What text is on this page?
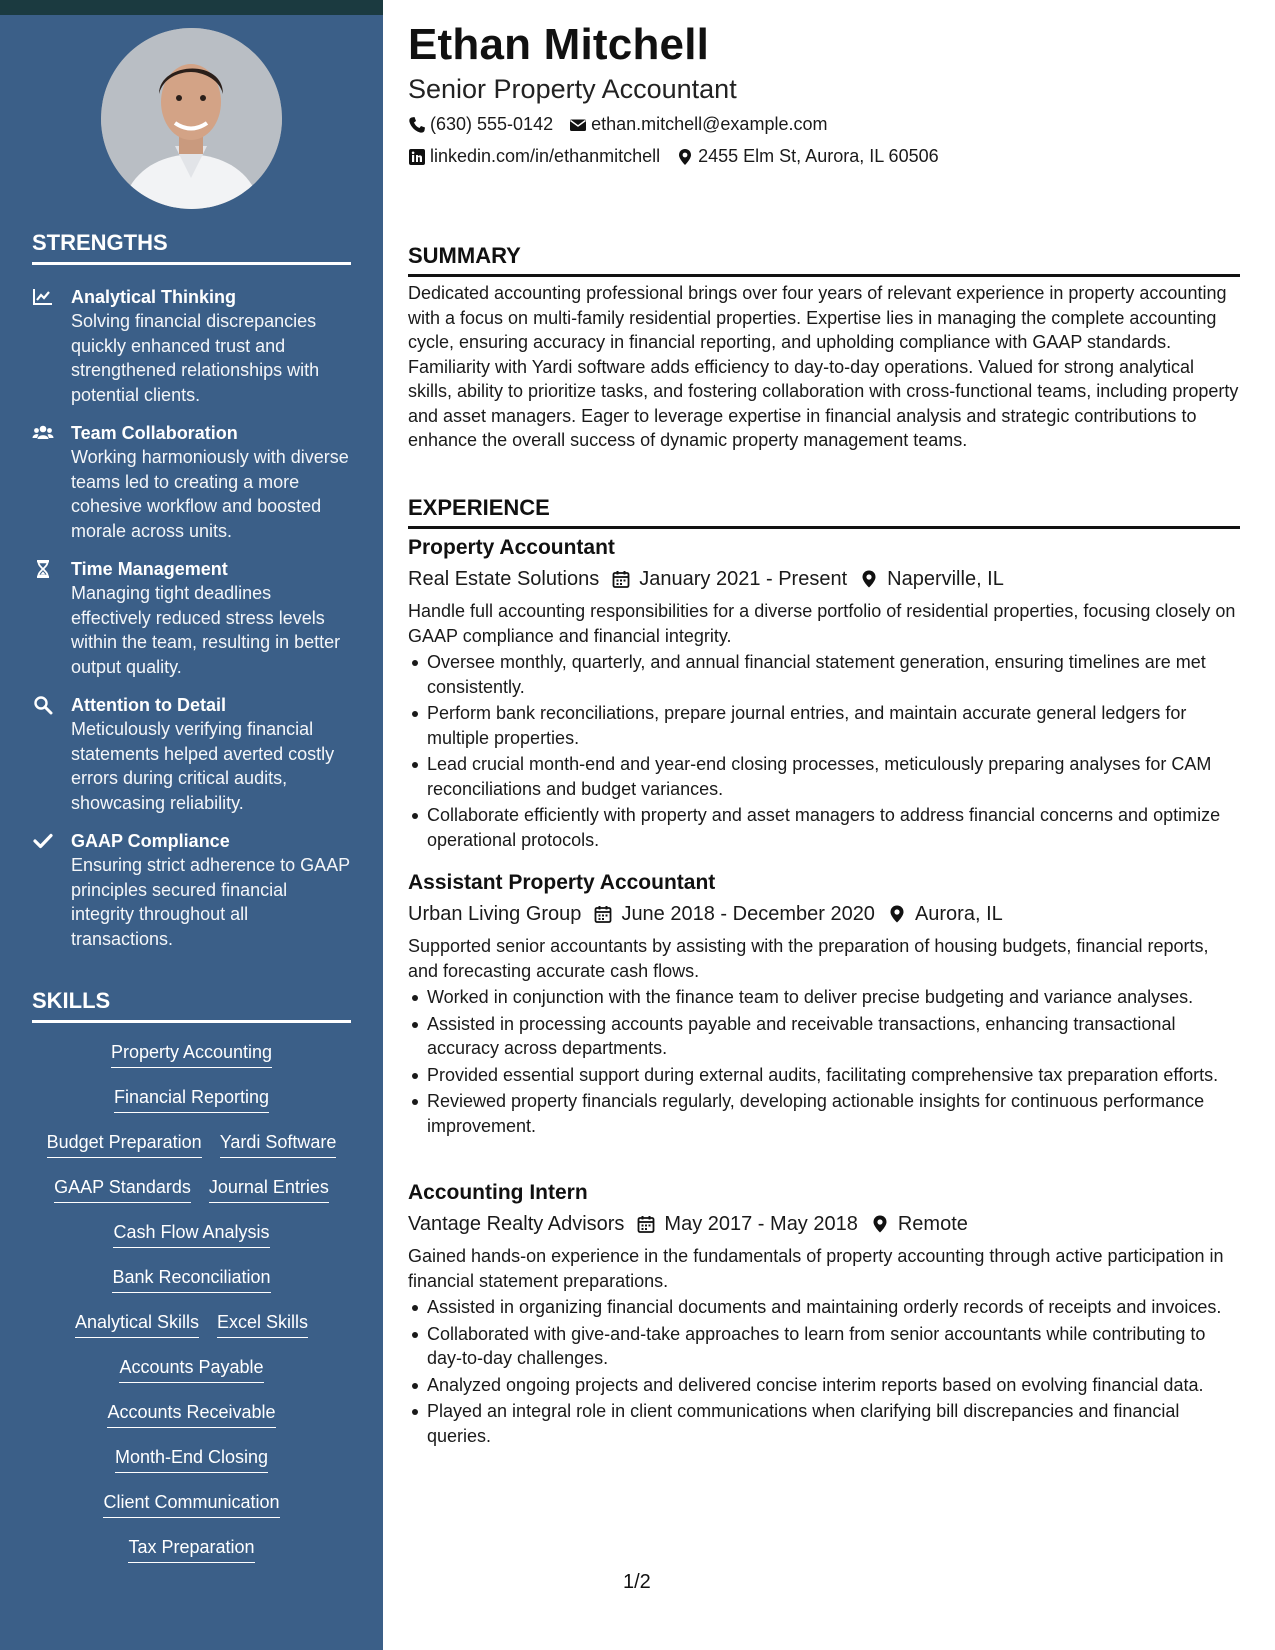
STRENGTHS
Analytical Thinking
Solving financial discrepancies quickly enhanced trust and strengthened relationships with potential clients.
Team Collaboration
Working harmoniously with diverse teams led to creating a more cohesive workflow and boosted morale across units.
Time Management
Managing tight deadlines effectively reduced stress levels within the team, resulting in better output quality.
Attention to Detail
Meticulously verifying financial statements helped averted costly errors during critical audits, showcasing reliability.
GAAP Compliance
Ensuring strict adherence to GAAP principles secured financial integrity throughout all transactions.
SKILLS
Property Accounting
Financial Reporting
Budget Preparation Yardi Software
GAAP Standards Journal Entries
Cash Flow Analysis
Bank Reconciliation
Analytical Skills Excel Skills
Accounts Payable
Accounts Receivable
Month-End Closing
Client Communication
Tax Preparation
Ethan Mitchell
Senior Property Accountant
(630) 555-0142 ethan.mitchell@example.com
linkedin.com/in/ethanmitchell 2455 Elm St, Aurora, IL 60506
SUMMARY

Dedicated accounting professional brings over four years of relevant experience in property accounting with a focus on multi-family residential properties. Expertise lies in managing the complete accounting cycle, ensuring accuracy in financial reporting, and upholding compliance with GAAP standards. Familiarity with Yardi software adds efficiency to day-to-day operations. Valued for strong analytical skills, ability to prioritize tasks, and fostering collaboration with cross-functional teams, including property and asset managers. Eager to leverage expertise in financial analysis and strategic contributions to enhance the overall success of dynamic property management teams.

EXPERIENCE
Property Accountant
Real Estate Solutions January 2021 - Present Naperville, IL

Handle full accounting responsibilities for a diverse portfolio of residential properties, focusing closely on GAAP compliance and financial integrity.

Oversee monthly, quarterly, and annual financial statement generation, ensuring timelines are met consistently.
Perform bank reconciliations, prepare journal entries, and maintain accurate general ledgers for multiple properties.
Lead crucial month-end and year-end closing processes, meticulously preparing analyses for CAM reconciliations and budget variances.
Collaborate efficiently with property and asset managers to address financial concerns and optimize operational protocols.
Assistant Property Accountant
Urban Living Group June 2018 - December 2020 Aurora, IL

Supported senior accountants by assisting with the preparation of housing budgets, financial reports, and forecasting accurate cash flows.

Worked in conjunction with the finance team to deliver precise budgeting and variance analyses.
Assisted in processing accounts payable and receivable transactions, enhancing transactional accuracy across departments.
Provided essential support during external audits, facilitating comprehensive tax preparation efforts.
Reviewed property financials regularly, developing actionable insights for continuous performance improvement.
Accounting Intern
Vantage Realty Advisors May 2017 - May 2018 Remote

Gained hands-on experience in the fundamentals of property accounting through active participation in financial statement preparations.

Assisted in organizing financial documents and maintaining orderly records of receipts and invoices.
Collaborated with give-and-take approaches to learn from senior accountants while contributing to day-to-day challenges.
Analyzed ongoing projects and delivered concise interim reports based on evolving financial data.
Played an integral role in client communications when clarifying bill discrepancies and financial queries.
1/2
